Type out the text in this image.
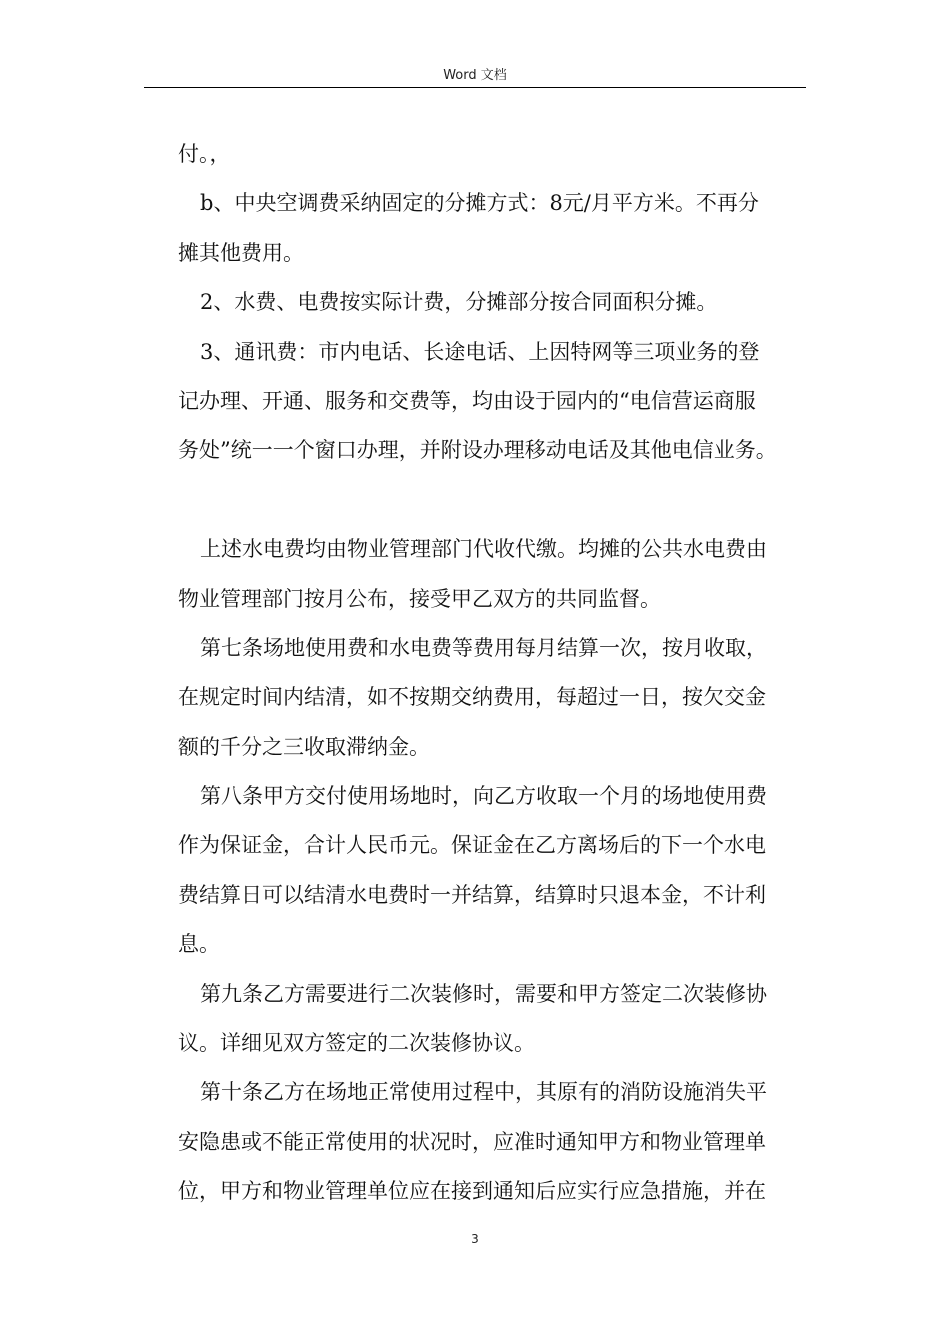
Word 文档
付。，
b、中央空调费采纳固定的分摊方式：8元/月平方米。不再分
摊其他费用。
2、水费、电费按实际计费，分摊部分按合同面积分摊。
3、通讯费：市内电话、长途电话、上因特网等三项业务的登
记办理、开通、服务和交费等，均由设于园内的“电信营运商服
务处”统一一个窗口办理，并附设办理移动电话及其他电信业务。
上述水电费均由物业管理部门代收代缴。均摊的公共水电费由
物业管理部门按月公布，接受甲乙双方的共同监督。
第七条场地使用费和水电费等费用每月结算一次，按月收取，
在规定时间内结清，如不按期交纳费用，每超过一日，按欠交金
额的千分之三收取滞纳金。
第八条甲方交付使用场地时，向乙方收取一个月的场地使用费
作为保证金，合计人民币元。保证金在乙方离场后的下一个水电
费结算日可以结清水电费时一并结算，结算时只退本金，不计利
息。
第九条乙方需要进行二次装修时，需要和甲方签定二次装修协
议。详细见双方签定的二次装修协议。
第十条乙方在场地正常使用过程中，其原有的消防设施消失平
安隐患或不能正常使用的状况时，应准时通知甲方和物业管理单
位，甲方和物业管理单位应在接到通知后应实行应急措施，并在
3
